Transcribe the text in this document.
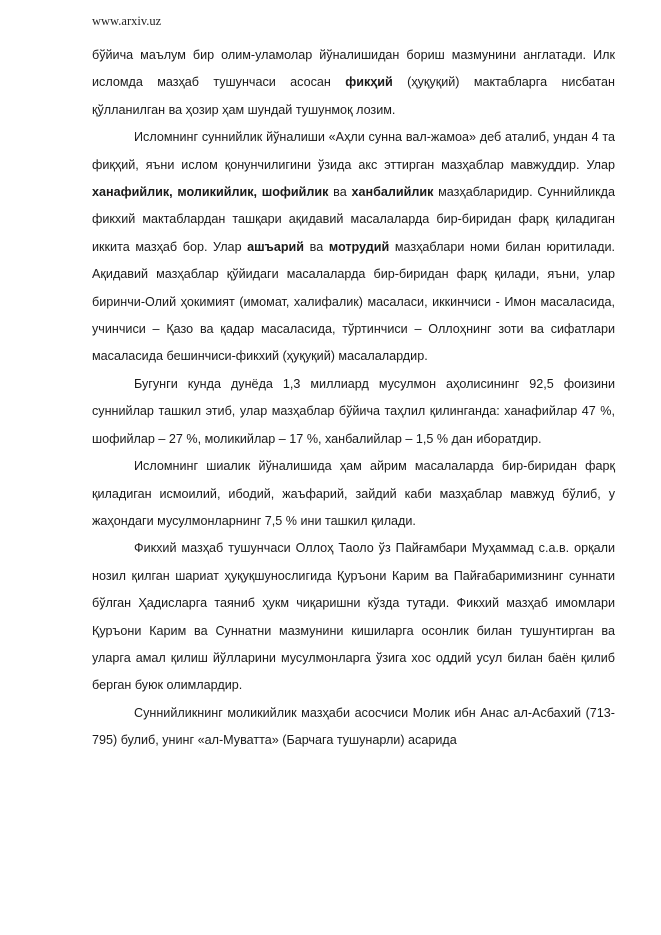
www.arxiv.uz

бўйича маълум бир олим-уламолар йўналишидан бориш мазмунини англатади. Илк исломда мазҳаб тушунчаси асосан фикҳий (ҳуқуқий) мактабларга нисбатан қўлланилган ва ҳозир ҳам шундай тушунмоқ лозим.

Исломнинг суннийлик йўналиши «Аҳли сунна вал-жамоа» деб аталиб, ундан 4 та фиқҳий, яъни ислом қонунчилигини ўзида акс эттирган мазҳаблар мавжуддир. Улар ханафийлик, моликийлик, шофийлик ва ханбалийлик мазҳабларидир. Суннийликда фикхий мактаблардан ташқари ақидавий масалаларда бир-биридан фарқ қиладиган иккита мазҳаб бор. Улар ашъарий ва мотрудий мазҳаблари номи билан юритилади. Ақидавий мазҳаблар қўйидаги масалаларда бир-биридан фарқ қилади, яъни, улар биринчи-Олий ҳокимият (имомат, халифалик) масаласи, иккинчиси - Имон масаласида, учинчиси – Қазо ва қадар масаласида, тўртинчиси – Оллоҳнинг зоти ва сифатлари масаласида бешинчиси-фикхий (ҳуқуқий) масалалардир.

Бугунги кунда дунёда 1,3 миллиард мусулмон аҳолисининг 92,5 фоизини суннийлар ташкил этиб, улар мазҳаблар бўйича таҳлил қилинганда: ханафийлар 47 %, шофийлар – 27 %, моликийлар – 17 %, ханбалийлар – 1,5 % дан иборатдир.

Исломнинг шиалик йўналишида ҳам айрим масалаларда бир-биридан фарқ қиладиган исмоилий, ибодий, жаъфарий, зайдий каби мазҳаблар мавжуд бўлиб, у жаҳондаги мусулмонларнинг 7,5 % ини ташкил қилади.

Фикхий мазҳаб тушунчаси Оллоҳ Таоло ўз Пайғамбари Муҳаммад с.а.в. орқали нозил қилган шариат ҳуқуқшунослигида Қуръони Карим ва Пайғабаримизнинг суннати бўлган Ҳадисларга таяниб ҳукм чиқаришни кўзда тутади. Фикхий мазҳаб имомлари Қуръони Карим ва Суннатни мазмунини кишиларга осонлик билан тушунтирган ва уларга амал қилиш йўлларини мусулмонларга ўзига хос оддий усул билан баён қилиб берган буюк олимлардир.

Суннийликнинг моликийлик мазҳаби асосчиси Молик ибн Анас ал-Асбахий (713-795) булиб, унинг «ал-Муватта» (Барчага тушунарли) асарида
